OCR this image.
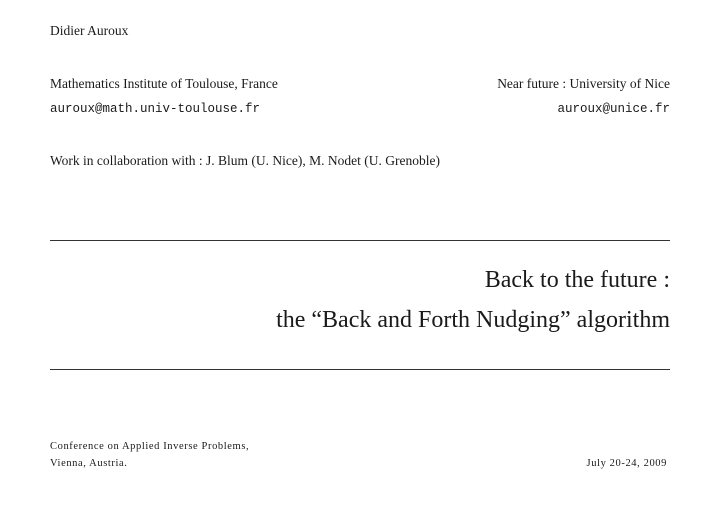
Didier Auroux
Mathematics Institute of Toulouse, France	Near future : University of Nice
auroux@math.univ-toulouse.fr	auroux@unice.fr
Work in collaboration with : J. Blum (U. Nice), M. Nodet (U. Grenoble)
Back to the future :
the “Back and Forth Nudging” algorithm
Conference on Applied Inverse Problems,
Vienna, Austria.	July 20-24, 2009
